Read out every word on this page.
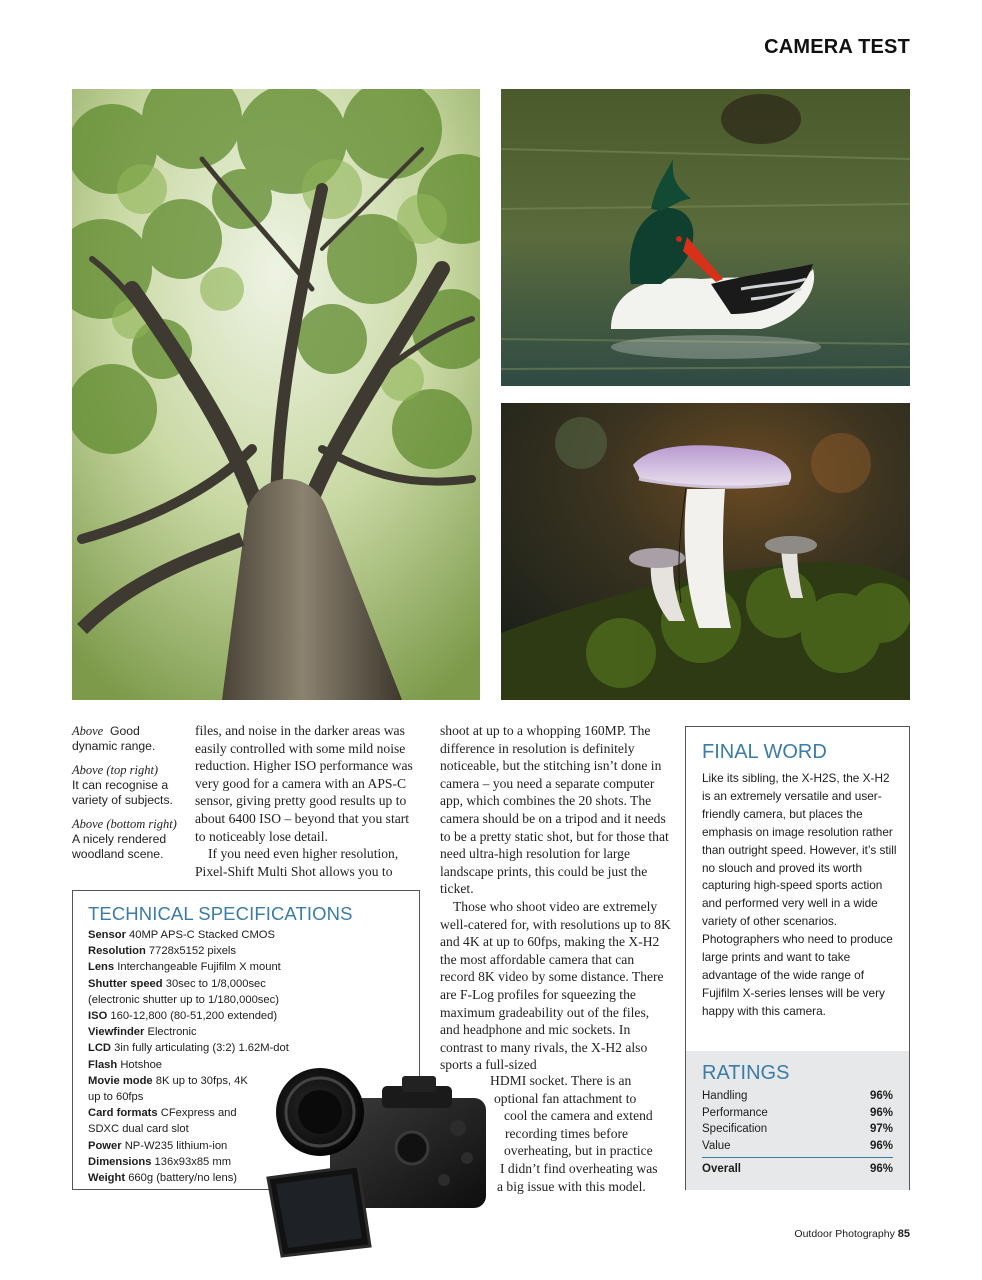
CAMERA TEST

Above Good dynamic range.

Above (top right)
It can recognise a variety of subjects.

Above (bottom right) A nicely rendered woodland scene.

files, and noise in the darker areas was easily controlled with some mild noise reduction. Higher ISO performance was very good for a camera with an APS-C sensor, giving pretty good results up to about 6400 ISO – beyond that you start to noticeably lose detail.

If you need even higher resolution, Pixel-Shift Multi Shot allows you to

shoot at up to a whopping 160MP. The difference in resolution is definitely noticeable, but the stitching isn’t done in camera – you need a separate computer app, which combines the 20 shots. The camera should be on a tripod and it needs to be a pretty static shot, but for those that need ultra-high resolution for large landscape prints, this could be just the ticket.

Those who shoot video are extremely well-catered for, with resolutions up to 8K and 4K at up to 60fps, making the X-H2 the most affordable camera that can record 8K video by some distance. There are F-Log profiles for squeezing the maximum gradeability out of the files, and headphone and mic sockets. In contrast to many rivals, the X-H2 also sports a full-sized

HDMI socket. There is an
optional fan attachment to
cool the camera and extend
recording times before
overheating, but in practice
I didn’t find overheating was
a big issue with this model.
TECHNICAL SPECIFICATIONS
Sensor 40MP APS-C Stacked CMOS
Resolution 7728x5152 pixels
Lens Interchangeable Fujifilm X mount
Shutter speed 30sec to 1/8,000sec (electronic shutter up to 1/180,000sec)
ISO 160-12,800 (80-51,200 extended)
Viewfinder Electronic
LCD 3in fully articulating (3:2) 1.62M-dot
Flash Hotshoe
Movie mode 8K up to 30fps, 4K up to 60fps
Card formats CFexpress and SDXC dual card slot
Power NP-W235 lithium-ion
Dimensions 136x93x85 mm
Weight 660g (battery/no lens)
FINAL WORD
Like its sibling, the X-H2S, the X-H2 is an extremely versatile and user-friendly camera, but places the emphasis on image resolution rather than outright speed. However, it’s still no slouch and proved its worth capturing high-speed sports action and performed very well in a wide variety of other scenarios. Photographers who need to produce large prints and want to take advantage of the wide range of Fujifilm X-series lenses will be very happy with this camera.
RATINGS
Handling	96%
Performance	96%
Specification	97%
Value	96%
Overall	96%
Outdoor Photography 85
